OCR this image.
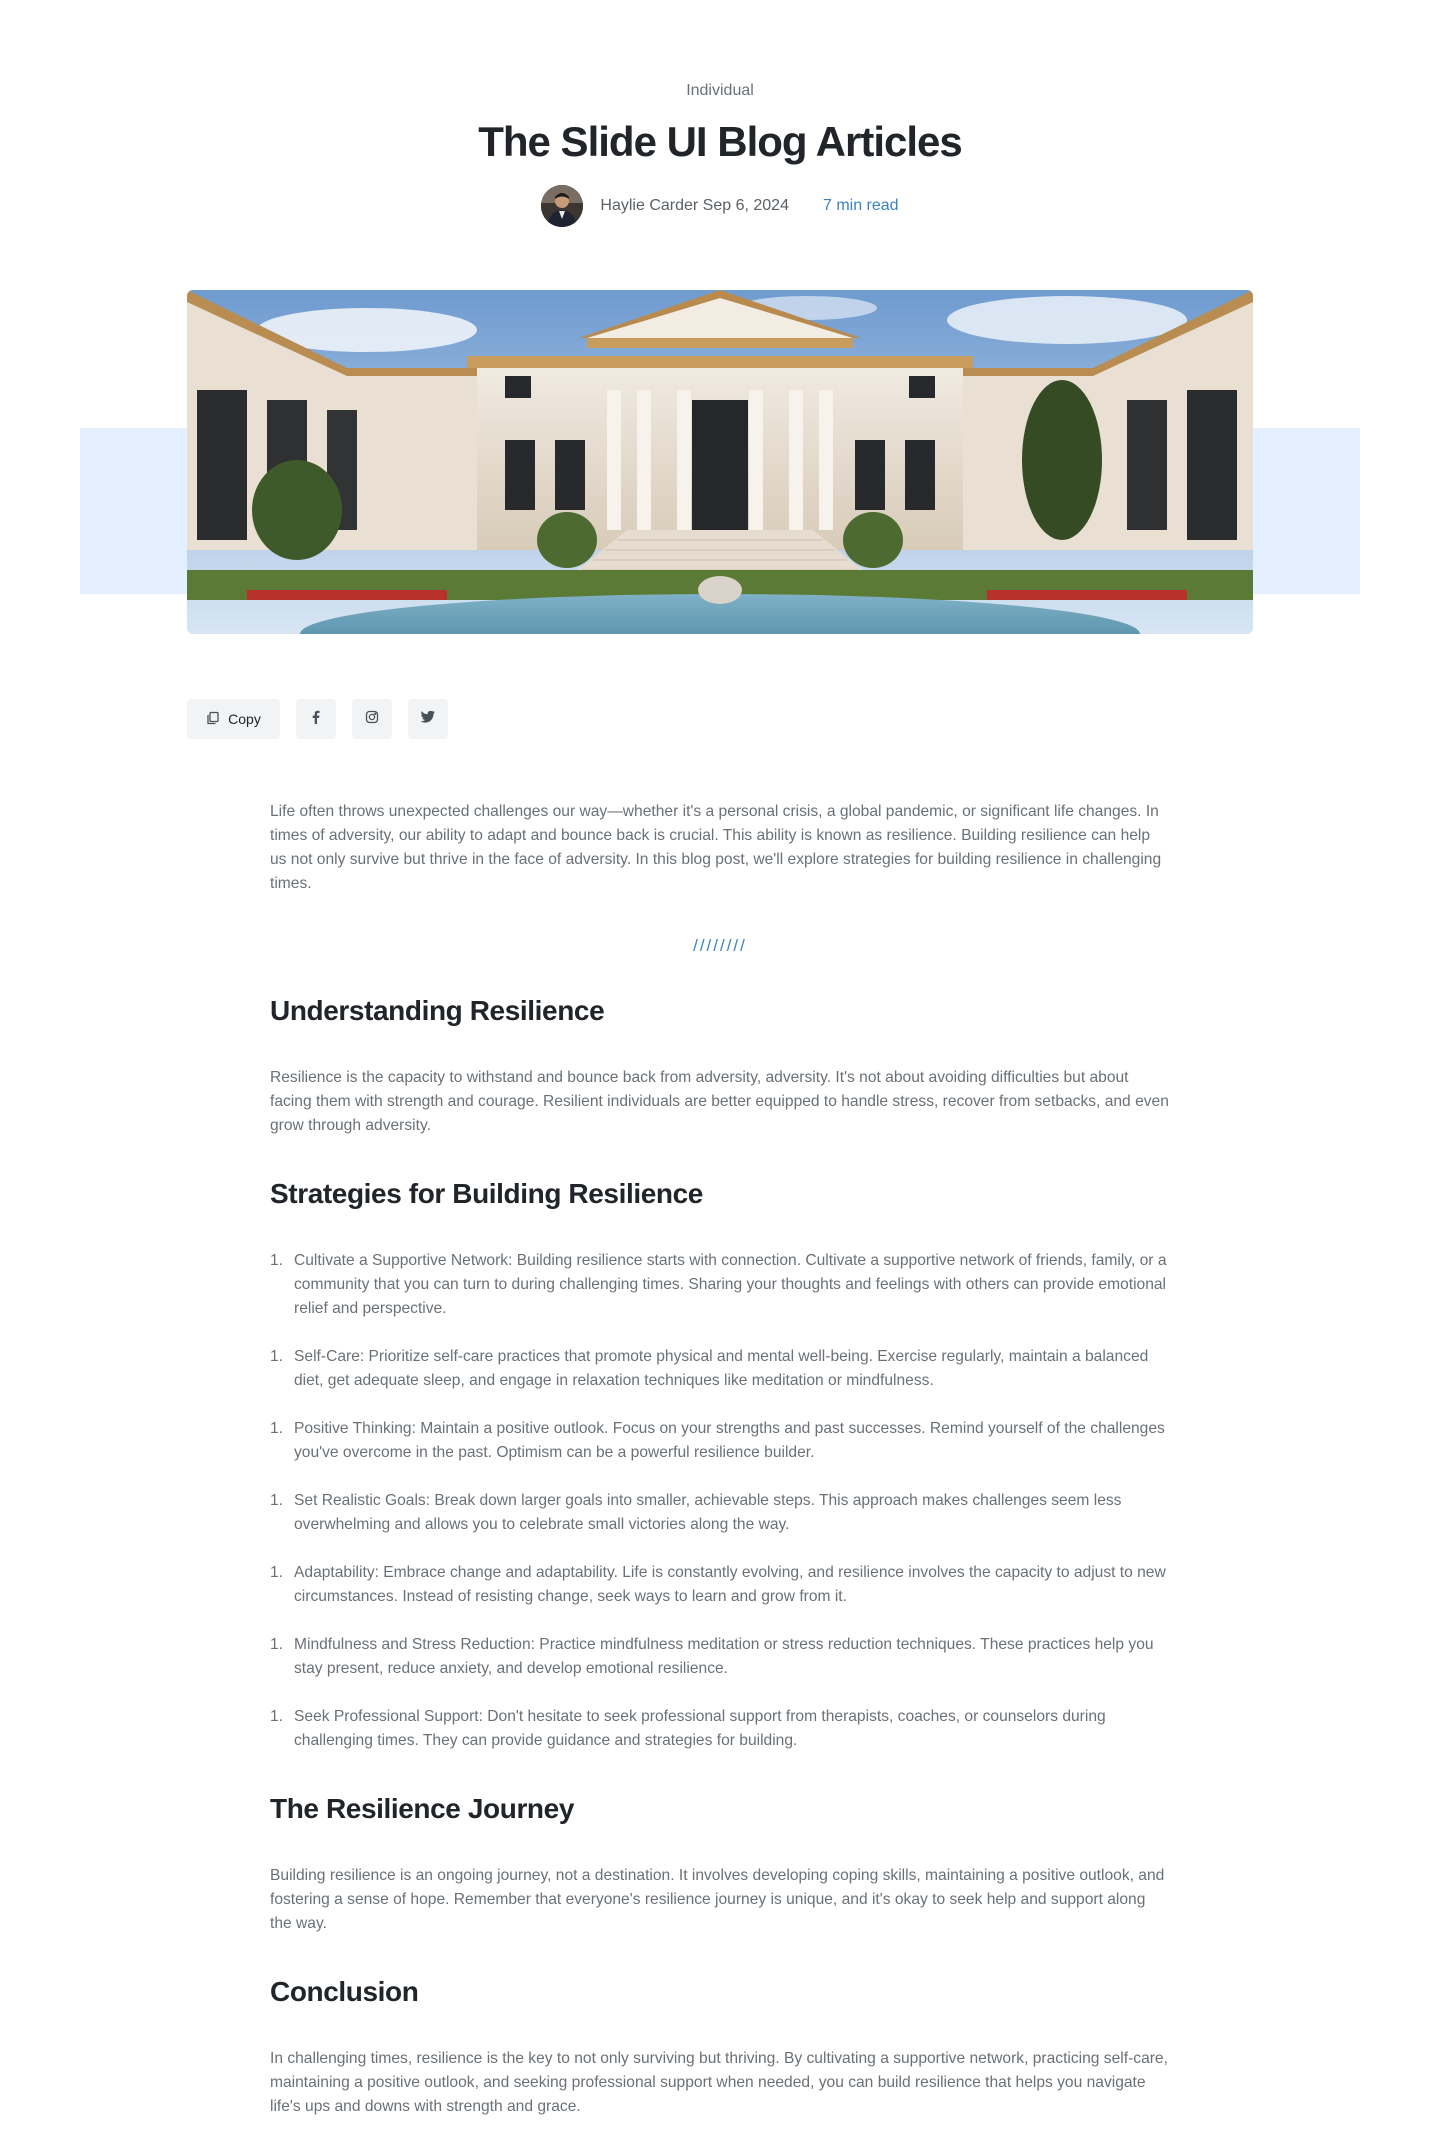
Individual
The Slide UI Blog Articles
Haylie Carder Sep 6, 2024 7 min read
Copy

Life often throws unexpected challenges our way—whether it's a personal crisis, a global pandemic, or significant life changes. In times of adversity, our ability to adapt and bounce back is crucial. This ability is known as resilience. Building resilience can help us not only survive but thrive in the face of adversity. In this blog post, we'll explore strategies for building resilience in challenging times.

////////
Understanding Resilience

Resilience is the capacity to withstand and bounce back from adversity, adversity. It's not about avoiding difficulties but about facing them with strength and courage. Resilient individuals are better equipped to handle stress, recover from setbacks, and even grow through adversity.

Strategies for Building Resilience
1. Cultivate a Supportive Network: Building resilience starts with connection. Cultivate a supportive network of friends, family, or a community that you can turn to during challenging times. Sharing your thoughts and feelings with others can provide emotional relief and perspective.
1. Self-Care: Prioritize self-care practices that promote physical and mental well-being. Exercise regularly, maintain a balanced diet, get adequate sleep, and engage in relaxation techniques like meditation or mindfulness.
1. Positive Thinking: Maintain a positive outlook. Focus on your strengths and past successes. Remind yourself of the challenges you've overcome in the past. Optimism can be a powerful resilience builder.
1. Set Realistic Goals: Break down larger goals into smaller, achievable steps. This approach makes challenges seem less overwhelming and allows you to celebrate small victories along the way.
1. Adaptability: Embrace change and adaptability. Life is constantly evolving, and resilience involves the capacity to adjust to new circumstances. Instead of resisting change, seek ways to learn and grow from it.
1. Mindfulness and Stress Reduction: Practice mindfulness meditation or stress reduction techniques. These practices help you stay present, reduce anxiety, and develop emotional resilience.
1. Seek Professional Support: Don't hesitate to seek professional support from therapists, coaches, or counselors during challenging times. They can provide guidance and strategies for building.
The Resilience Journey

Building resilience is an ongoing journey, not a destination. It involves developing coping skills, maintaining a positive outlook, and fostering a sense of hope. Remember that everyone's resilience journey is unique, and it's okay to seek help and support along the way.

Conclusion

In challenging times, resilience is the key to not only surviving but thriving. By cultivating a supportive network, practicing self-care, maintaining a positive outlook, and seeking professional support when needed, you can build resilience that helps you navigate life's ups and downs with strength and grace.
